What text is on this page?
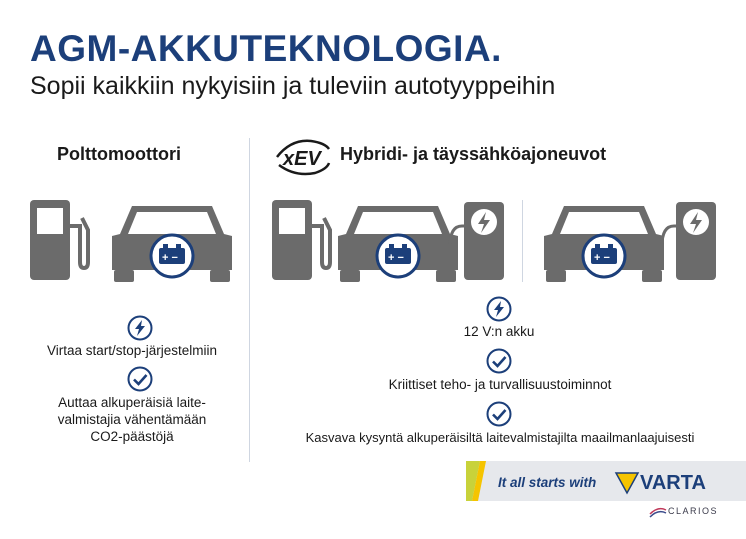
AGM-AKKUTEKNOLOGIA.
Sopii kaikkiin nykyisiin ja tuleviin autotyyppeihin
Polttomoottori	xEV Hybridi- ja täyssähköajoneuvot
+ −	+ −	+ −
Virtaa start/stop-järjestelmiin
Auttaa alkuperäisiä laite-
valmistajia vähentämään
CO2-päästöjä
12 V:n akku
Kriittiset teho- ja turvallisuustoiminnot
Kasvava kysyntä alkuperäisiltä laitevalmistajilta maailmanlaajuisesti
It all starts with VARTA
CLARIOS
